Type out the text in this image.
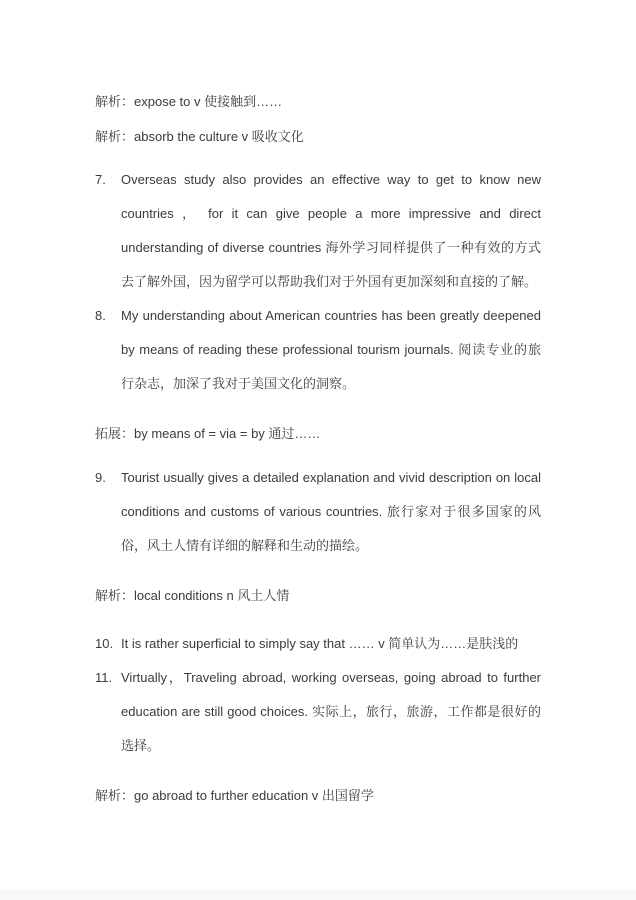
解析：expose to v 使接触到……
解析：absorb the culture v 吸收文化
7.	Overseas study also provides an effective way to get to know new countries ， for it can give people a more impressive and direct understanding of diverse countries 海外学习同样提供了一种有效的方式去了解外国，因为留学可以帮助我们对于外国有更加深刻和直接的了解。
8.	My understanding about American countries has been greatly deepened by means of reading these professional tourism journals. 阅读专业的旅行杂志，加深了我对于美国文化的洞察。
拓展：by means of = via = by 通过……
9.	Tourist usually gives a detailed explanation and vivid description on local conditions and customs of various countries. 旅行家对于很多国家的风俗，风土人情有详细的解释和生动的描绘。
解析：local conditions n 风土人情
10. It is rather superficial to simply say that …… v 简单认为……是肤浅的
11. Virtually，Traveling abroad, working overseas, going abroad to further education are still good choices. 实际上，旅行，旅游，工作都是很好的选择。
解析：go abroad to further education v 出国留学
